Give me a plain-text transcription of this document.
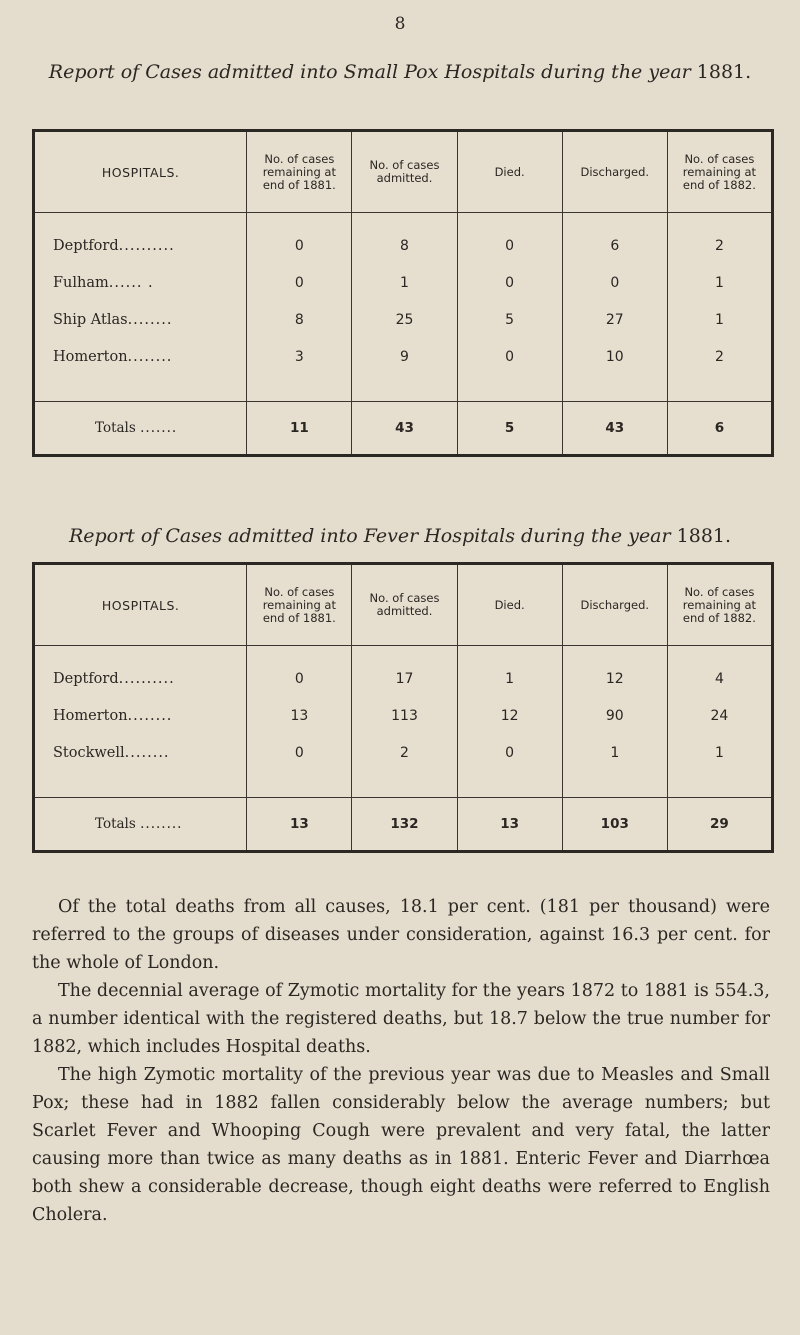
8
Report of Cases admitted into Small Pox Hospitals during the year 1881.
HOSPITALS.	No. of cases remaining at end of 1881.	No. of cases admitted.	Died.	Discharged.	No. of cases remaining at end of 1882.
Deptford..........	0	8	0	6	2
Fulham...... .	0	1	0	0	1
Ship Atlas........	8	25	5	27	1
Homerton........	3	9	0	10	2

Totals .......	11	43	5	43	6
Report of Cases admitted into Fever Hospitals during the year 1881.
HOSPITALS.	No. of cases remaining at end of 1881.	No. of cases admitted.	Died.	Discharged.	No. of cases remaining at end of 1882.
Deptford..........	0	17	1	12	4
Homerton........	13	113	12	90	24
Stockwell........	0	2	0	1	1

Totals ........	13	132	13	103	29

Of the total deaths from all causes, 18.1 per cent. (181 per thousand) were referred to the groups of diseases under consideration, against 16.3 per cent. for the whole of London.

The decennial average of Zymotic mortality for the years 1872 to 1881 is 554.3, a number identical with the registered deaths, but 18.7 below the true number for 1882, which includes Hospital deaths.

The high Zymotic mortality of the previous year was due to Measles and Small Pox; these had in 1882 fallen considerably below the average numbers; but Scarlet Fever and Whooping Cough were prevalent and very fatal, the latter causing more than twice as many deaths as in 1881. Enteric Fever and Diarrhœa both shew a considerable decrease, though eight deaths were referred to English Cholera.
